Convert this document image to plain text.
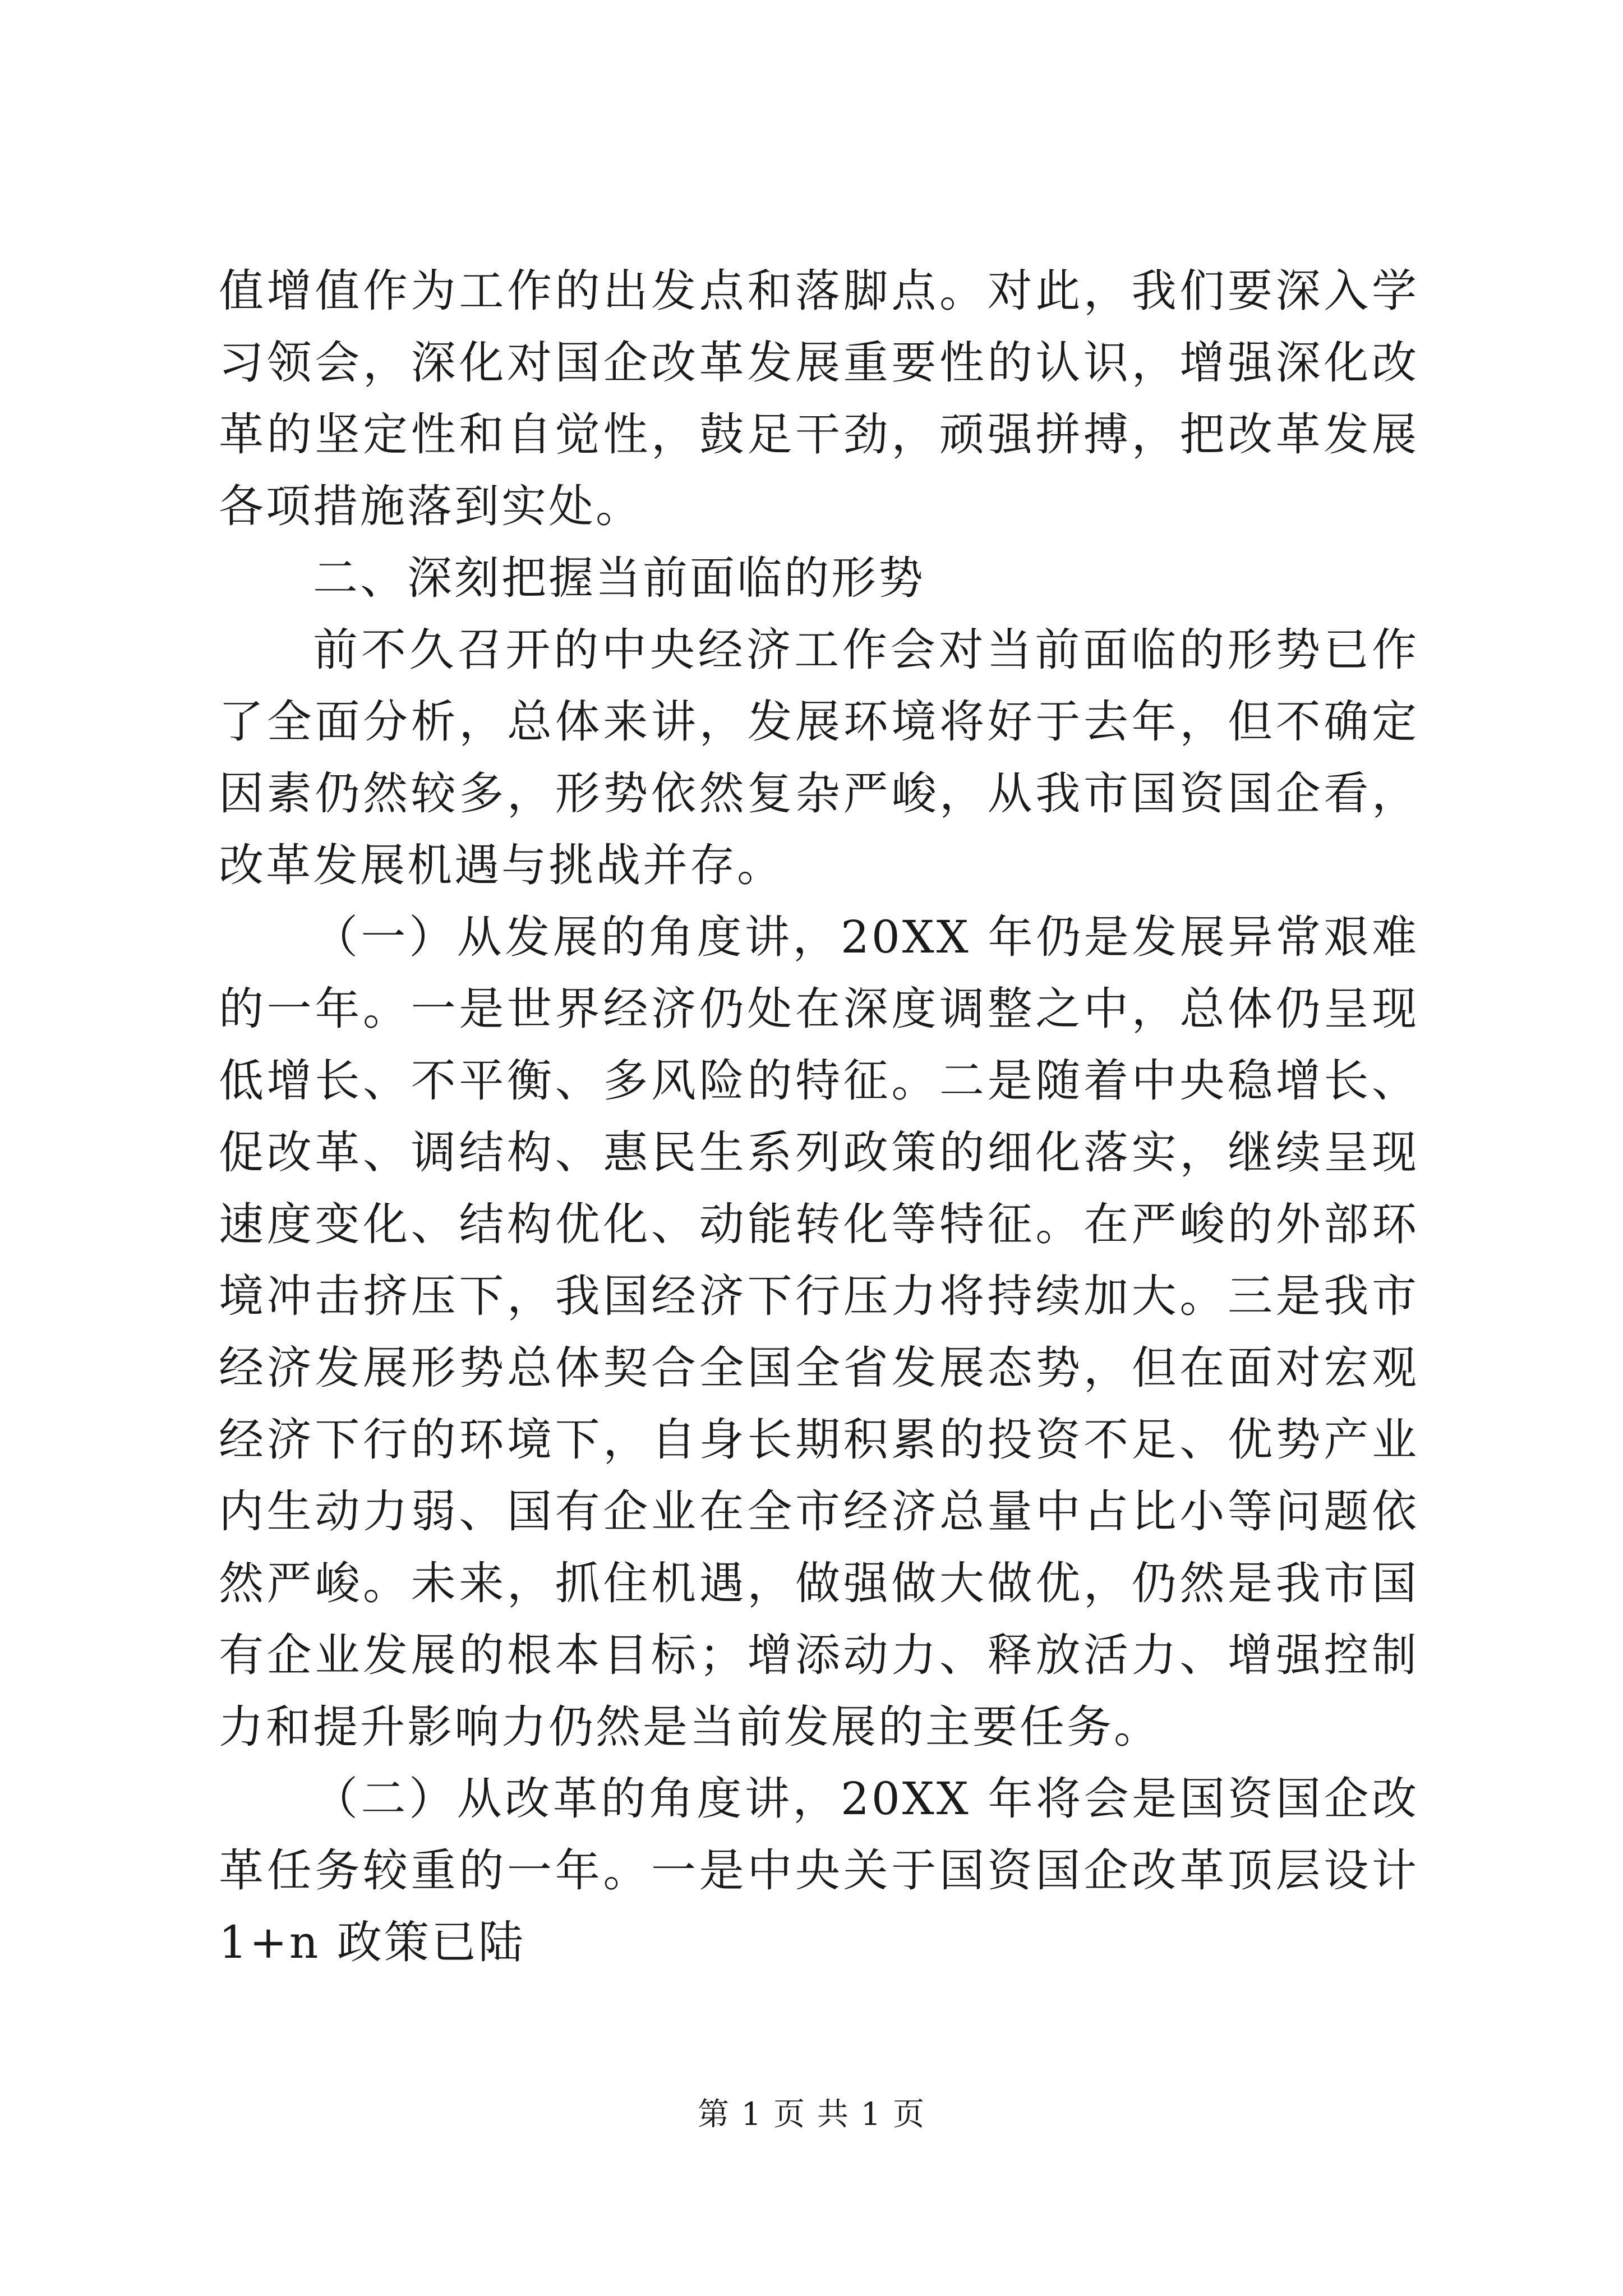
值增值作为工作的出发点和落脚点。对此，我们要深入学习领会，深化对国企改革发展重要性的认识，增强深化改革的坚定性和自觉性，鼓足干劲，顽强拼搏，把改革发展各项措施落到实处。

二、深刻把握当前面临的形势

前不久召开的中央经济工作会对当前面临的形势已作了全面分析，总体来讲，发展环境将好于去年，但不确定因素仍然较多，形势依然复杂严峻，从我市国资国企看，改革发展机遇与挑战并存。

（一）从发展的角度讲，20XX 年仍是发展异常艰难的一年。一是世界经济仍处在深度调整之中，总体仍呈现低增长、不平衡、多风险的特征。二是随着中央稳增长、促改革、调结构、惠民生系列政策的细化落实，继续呈现速度变化、结构优化、动能转化等特征。在严峻的外部环境冲击挤压下，我国经济下行压力将持续加大。三是我市经济发展形势总体契合全国全省发展态势，但在面对宏观经济下行的环境下，自身长期积累的投资不足、优势产业内生动力弱、国有企业在全市经济总量中占比小等问题依然严峻。未来，抓住机遇，做强做大做优，仍然是我市国有企业发展的根本目标；增添动力、释放活力、增强控制力和提升影响力仍然是当前发展的主要任务。

（二）从改革的角度讲，20XX 年将会是国资国企改革任务较重的一年。一是中央关于国资国企改革顶层设计 1+n 政策已陆

第 1 页 共 1 页
